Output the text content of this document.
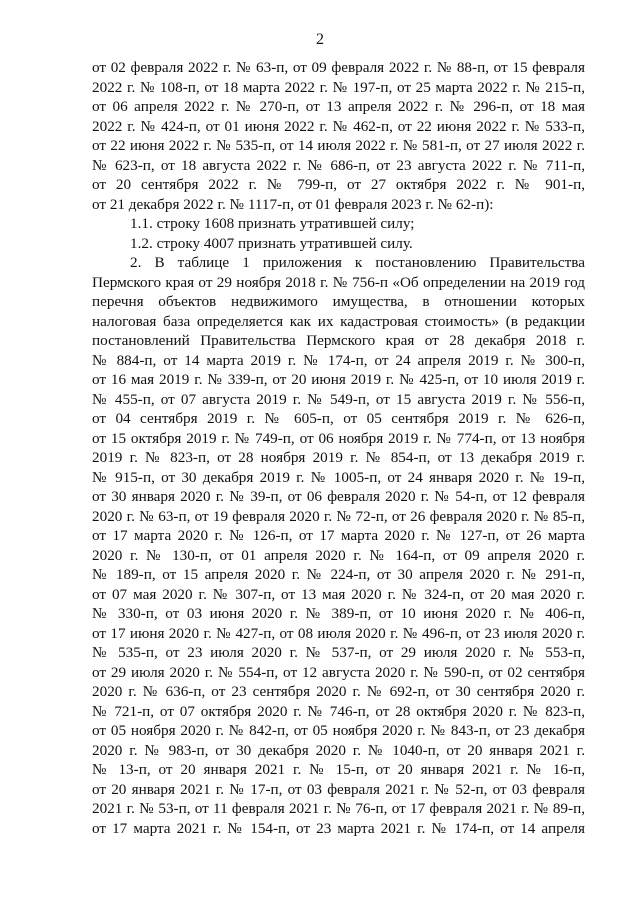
2
от 02 февраля 2022 г. № 63-п, от 09 февраля 2022 г. № 88-п, от 15 февраля
2022 г. № 108-п, от 18 марта 2022 г. № 197-п, от 25 марта 2022 г. № 215-п,
от 06 апреля 2022 г. № 270-п, от 13 апреля 2022 г. № 296-п, от 18 мая
2022 г. № 424-п, от 01 июня 2022 г. № 462-п, от 22 июня 2022 г. № 533-п,
от 22 июня 2022 г. № 535-п, от 14 июля 2022 г. № 581-п, от 27 июля 2022 г.
№ 623-п, от 18 августа 2022 г. № 686-п, от 23 августа 2022 г. № 711-п,
от 20 сентября 2022 г. № 799-п, от 27 октября 2022 г. № 901-п,
от 21 декабря 2022 г. № 1117-п, от 01 февраля 2023 г. № 62-п):
1.1. строку 1608 признать утратившей силу;
1.2. строку 4007 признать утратившей силу.
2. В таблице 1 приложения к постановлению Правительства
Пермского края от 29 ноября 2018 г. № 756-п «Об определении на 2019 год
перечня объектов недвижимого имущества, в отношении которых
налоговая база определяется как их кадастровая стоимость» (в редакции
постановлений Правительства Пермского края от 28 декабря 2018 г.
№ 884-п, от 14 марта 2019 г. № 174-п, от 24 апреля 2019 г. № 300-п,
от 16 мая 2019 г. № 339-п, от 20 июня 2019 г. № 425-п, от 10 июля 2019 г.
№ 455-п, от 07 августа 2019 г. № 549-п, от 15 августа 2019 г. № 556-п,
от 04 сентября 2019 г. № 605-п, от 05 сентября 2019 г. № 626-п,
от 15 октября 2019 г. № 749-п, от 06 ноября 2019 г. № 774-п, от 13 ноября
2019 г. № 823-п, от 28 ноября 2019 г. № 854-п, от 13 декабря 2019 г.
№ 915-п, от 30 декабря 2019 г. № 1005-п, от 24 января 2020 г. № 19-п,
от 30 января 2020 г. № 39-п, от 06 февраля 2020 г. № 54-п, от 12 февраля
2020 г. № 63-п, от 19 февраля 2020 г. № 72-п, от 26 февраля 2020 г. № 85-п,
от 17 марта 2020 г. № 126-п, от 17 марта 2020 г. № 127-п, от 26 марта
2020 г. № 130-п, от 01 апреля 2020 г. № 164-п, от 09 апреля 2020 г.
№ 189-п, от 15 апреля 2020 г. № 224-п, от 30 апреля 2020 г. № 291-п,
от 07 мая 2020 г. № 307-п, от 13 мая 2020 г. № 324-п, от 20 мая 2020 г.
№ 330-п, от 03 июня 2020 г. № 389-п, от 10 июня 2020 г. № 406-п,
от 17 июня 2020 г. № 427-п, от 08 июля 2020 г. № 496-п, от 23 июля 2020 г.
№ 535-п, от 23 июля 2020 г. № 537-п, от 29 июля 2020 г. № 553-п,
от 29 июля 2020 г. № 554-п, от 12 августа 2020 г. № 590-п, от 02 сентября
2020 г. № 636-п, от 23 сентября 2020 г. № 692-п, от 30 сентября 2020 г.
№ 721-п, от 07 октября 2020 г. № 746-п, от 28 октября 2020 г. № 823-п,
от 05 ноября 2020 г. № 842-п, от 05 ноября 2020 г. № 843-п, от 23 декабря
2020 г. № 983-п, от 30 декабря 2020 г. № 1040-п, от 20 января 2021 г.
№ 13-п, от 20 января 2021 г. № 15-п, от 20 января 2021 г. № 16-п,
от 20 января 2021 г. № 17-п, от 03 февраля 2021 г. № 52-п, от 03 февраля
2021 г. № 53-п, от 11 февраля 2021 г. № 76-п, от 17 февраля 2021 г. № 89-п,
от 17 марта 2021 г. № 154-п, от 23 марта 2021 г. № 174-п, от 14 апреля
